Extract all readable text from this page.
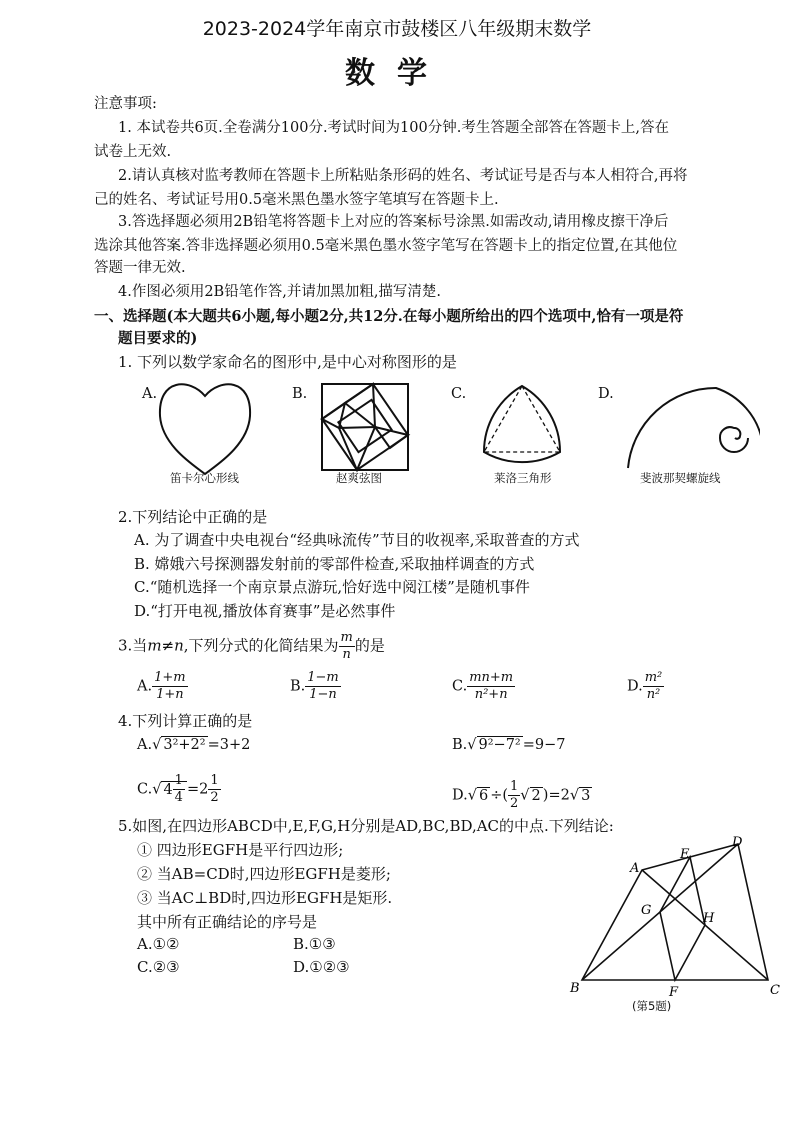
2023-2024学年南京市鼓楼区八年级期末数学
数学
注意事项:
1. 本试卷共6页.全卷满分100分.考试时间为100分钟.考生答题全部答在答题卡上,答在
试卷上无效.
2.请认真核对监考教师在答题卡上所粘贴条形码的姓名、考试证号是否与本人相符合,再将
己的姓名、考试证号用0.5毫米黑色墨水签字笔填写在答题卡上.
3.答选择题必须用2B铅笔将答题卡上对应的答案标号涂黑.如需改动,请用橡皮擦干净后
选涂其他答案.答非选择题必须用0.5毫米黑色墨水签字笔写在答题卡上的指定位置,在其他位
答题一律无效.
4.作图必须用2B铅笔作答,并请加黑加粗,描写清楚.
一、选择题(本大题共6小题,每小题2分,共12分.在每小题所给出的四个选项中,恰有一项是符
题目要求的)
1. 下列以数学家命名的图形中,是中心对称图形的是
A.	B.	C.	D.
笛卡尔心形线	赵爽弦图	莱洛三角形	斐波那契螺旋线
2.下列结论中正确的是
A. 为了调查中央电视台“经典咏流传”节目的收视率,采取普查的方式
B. 嫦娥六号探测器发射前的零部件检查,采取抽样调查的方式
C.“随机选择一个南京景点游玩,恰好选中阅江楼”是随机事件
D.“打开电视,播放体育赛事”是必然事件
3.当m≠n,下列分式的化简结果为 $\frac{m}{n}$ 的是
A. $\frac{1+m}{1+n}$	B. $\frac{1-m}{1-n}$	C. $\frac{mn+m}{\text{n²+n}}$	D. $\frac{\text{m²}}{\text{n²}}$
4.下列计算正确的是
A.√ 3²+2² =3+2	B.√ 9²−7² =9−7
C.√ $4 \frac{1}{4} =2 \frac{1}{2}$	D.√ 6 ÷( $\frac{1}{2}$ √ 2 )=2√ 3
5.如图,在四边形ABCD中,E,F,G,H分别是AD,BC,BD,AC的中点.下列结论:
① 四边形EGFH是平行四边形;
② 当AB=CD时,四边形EGFH是菱形;
③ 当AC⊥BD时,四边形EGFH是矩形.
其中所有正确结论的序号是
A.①②	B.①③
C.②③	D.①②③
A
B	C
D
E
F
G
H
(第5题)
